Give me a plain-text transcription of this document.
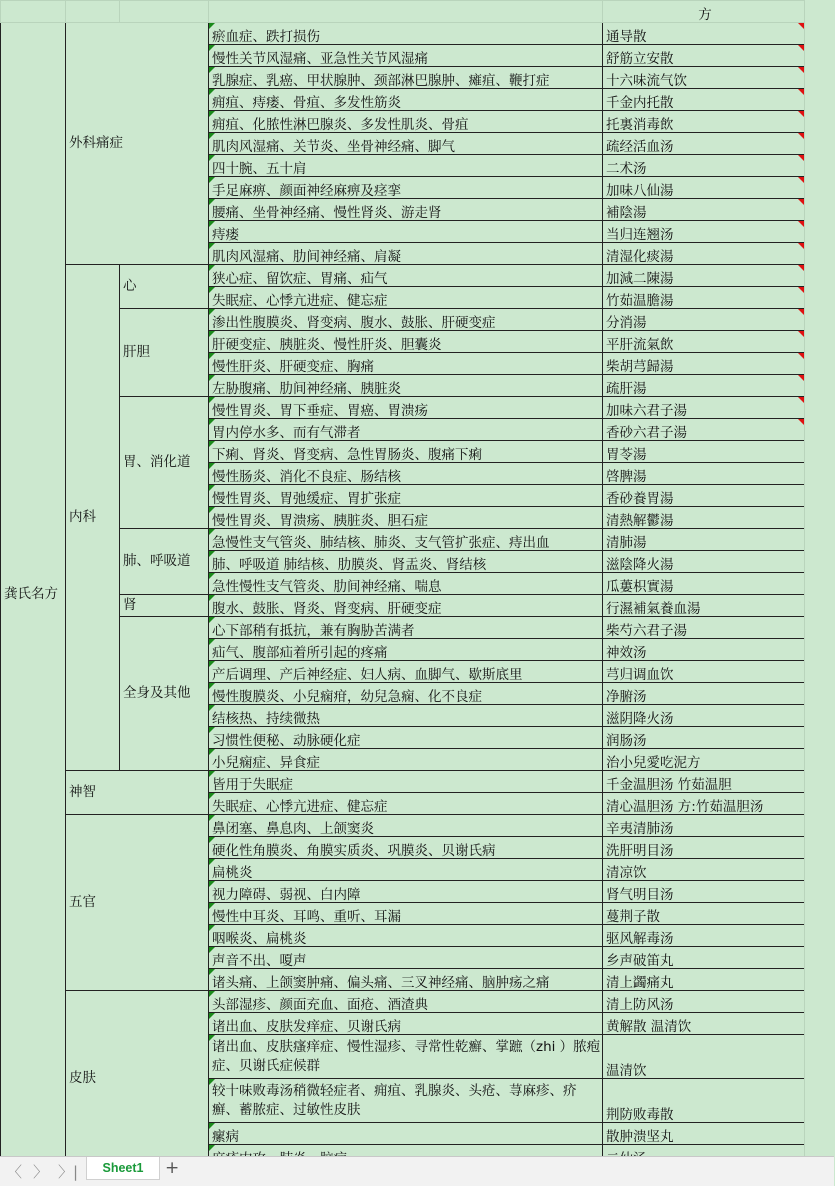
				方
龚氏名方	外科痛症		瘀血症、跌打损伤	通导散

			慢性关节风湿痛、亚急性关节风湿痛	舒筋立安散

			乳腺症、乳癌、甲状腺肿、颈部淋巴腺肿、瘫疽、鞭打症	十六味流气饮

			痈疽、痔瘘、骨疽、多发性筋炎	千金内托散

			痈疽、化脓性淋巴腺炎、多发性肌炎、骨疽	托裏消毒飲

			肌肉风湿痛、关节炎、坐骨神经痛、脚气	疏经活血汤

			四十腕、五十肩	二术汤

			手足麻痹、颜面神经麻痹及痉挛	加味八仙湯

			腰痛、坐骨神经痛、慢性肾炎、游走肾	補陰湯

			痔瘘	当归连翘汤

			肌肉风湿痛、肋间神经痛、肩凝	清湿化痰湯

	内科	心	狭心症、留饮症、胃痛、疝气	加減二陳湯

			失眠症、心悸亢进症、健忘症	竹茹温膽湯

		肝胆	渗出性腹膜炎、肾变病、腹水、鼓胀、肝硬变症	分消湯

			肝硬变症、胰脏炎、慢性肝炎、胆囊炎	平肝流氣飲

			慢性肝炎、肝硬变症、胸痛	柴胡芎歸湯

			左胁腹痛、肋间神经痛、胰脏炎	疏肝湯

		胃、消化道	慢性胃炎、胃下垂症、胃癌、胃溃疡	加味六君子湯

			胃内停水多、而有气滞者	香砂六君子湯

			下痢、肾炎、肾变病、急性胃肠炎、腹痛下痢	胃苓湯
			慢性肠炎、消化不良症、肠结核	啓脾湯
			慢性胃炎、胃弛缓症、胃扩张症	香砂養胃湯
			慢性胃炎、胃溃疡、胰脏炎、胆石症	清熱解鬱湯
		肺、呼吸道	急慢性支气管炎、肺结核、肺炎、支气管扩张症、痔出血	清肺湯
			肺、呼吸道 肺结核、肋膜炎、肾盂炎、肾结核	滋陰降火湯
			急性慢性支气管炎、肋间神经痛、喘息	瓜蔞枳實湯
		肾	腹水、鼓胀、肾炎、肾变病、肝硬变症	行濕補氣養血湯
		全身及其他	心下部稍有抵抗，兼有胸胁苦满者	柴芍六君子湯
			疝气、腹部疝着所引起的疼痛	神效汤
			产后调理、产后神经症、妇人病、血脚气、歇斯底里	芎归调血饮
			慢性腹膜炎、小兒痫疳，幼兒急痫、化不良症	净腑汤
			结核热、持续微热	滋阴降火汤
			习惯性便秘、动脉硬化症	润肠汤
			小兒痫症、异食症	治小兒愛吃泥方
	神智		皆用于失眠症	千金温胆汤 竹茹温胆
			失眠症、心悸亢进症、健忘症	清心温胆汤 方:竹茹温胆汤
	五官		鼻闭塞、鼻息肉、上颌窦炎	辛夷清肺汤
			硬化性角膜炎、角膜实质炎、巩膜炎、贝谢氏病	洗肝明目汤
			扁桃炎	清凉饮
			视力障碍、弱视、白内障	肾气明目汤
			慢性中耳炎、耳鸣、重听、耳漏	蔓荆子散
			咽喉炎、扁桃炎	驱风解毒汤
			声音不出、嗄声	乡声破笛丸
			诸头痛、上颌窦肿痛、偏头痛、三叉神经痛、脑肿疡之痛	清上蠲痛丸
	皮肤		头部湿疹、颜面充血、面疮、酒渣典	清上防风汤
			诸出血、皮肤发痒症、贝谢氏病	黄解散 温清饮
			诸出血、皮肤瘙痒症、慢性湿疹、寻常性乾癬、掌蹠（zhi ）脓疱症、贝谢氏症候群	温清饮
			较十味败毒汤稍微轻症者、痈疽、乳腺炎、头疮、荨麻疹、疥癬、蓄脓症、过敏性皮肤	荆防败毒散
			瘰病	散肿溃坚丸

〈 〉 〉|	Sheet1	+
